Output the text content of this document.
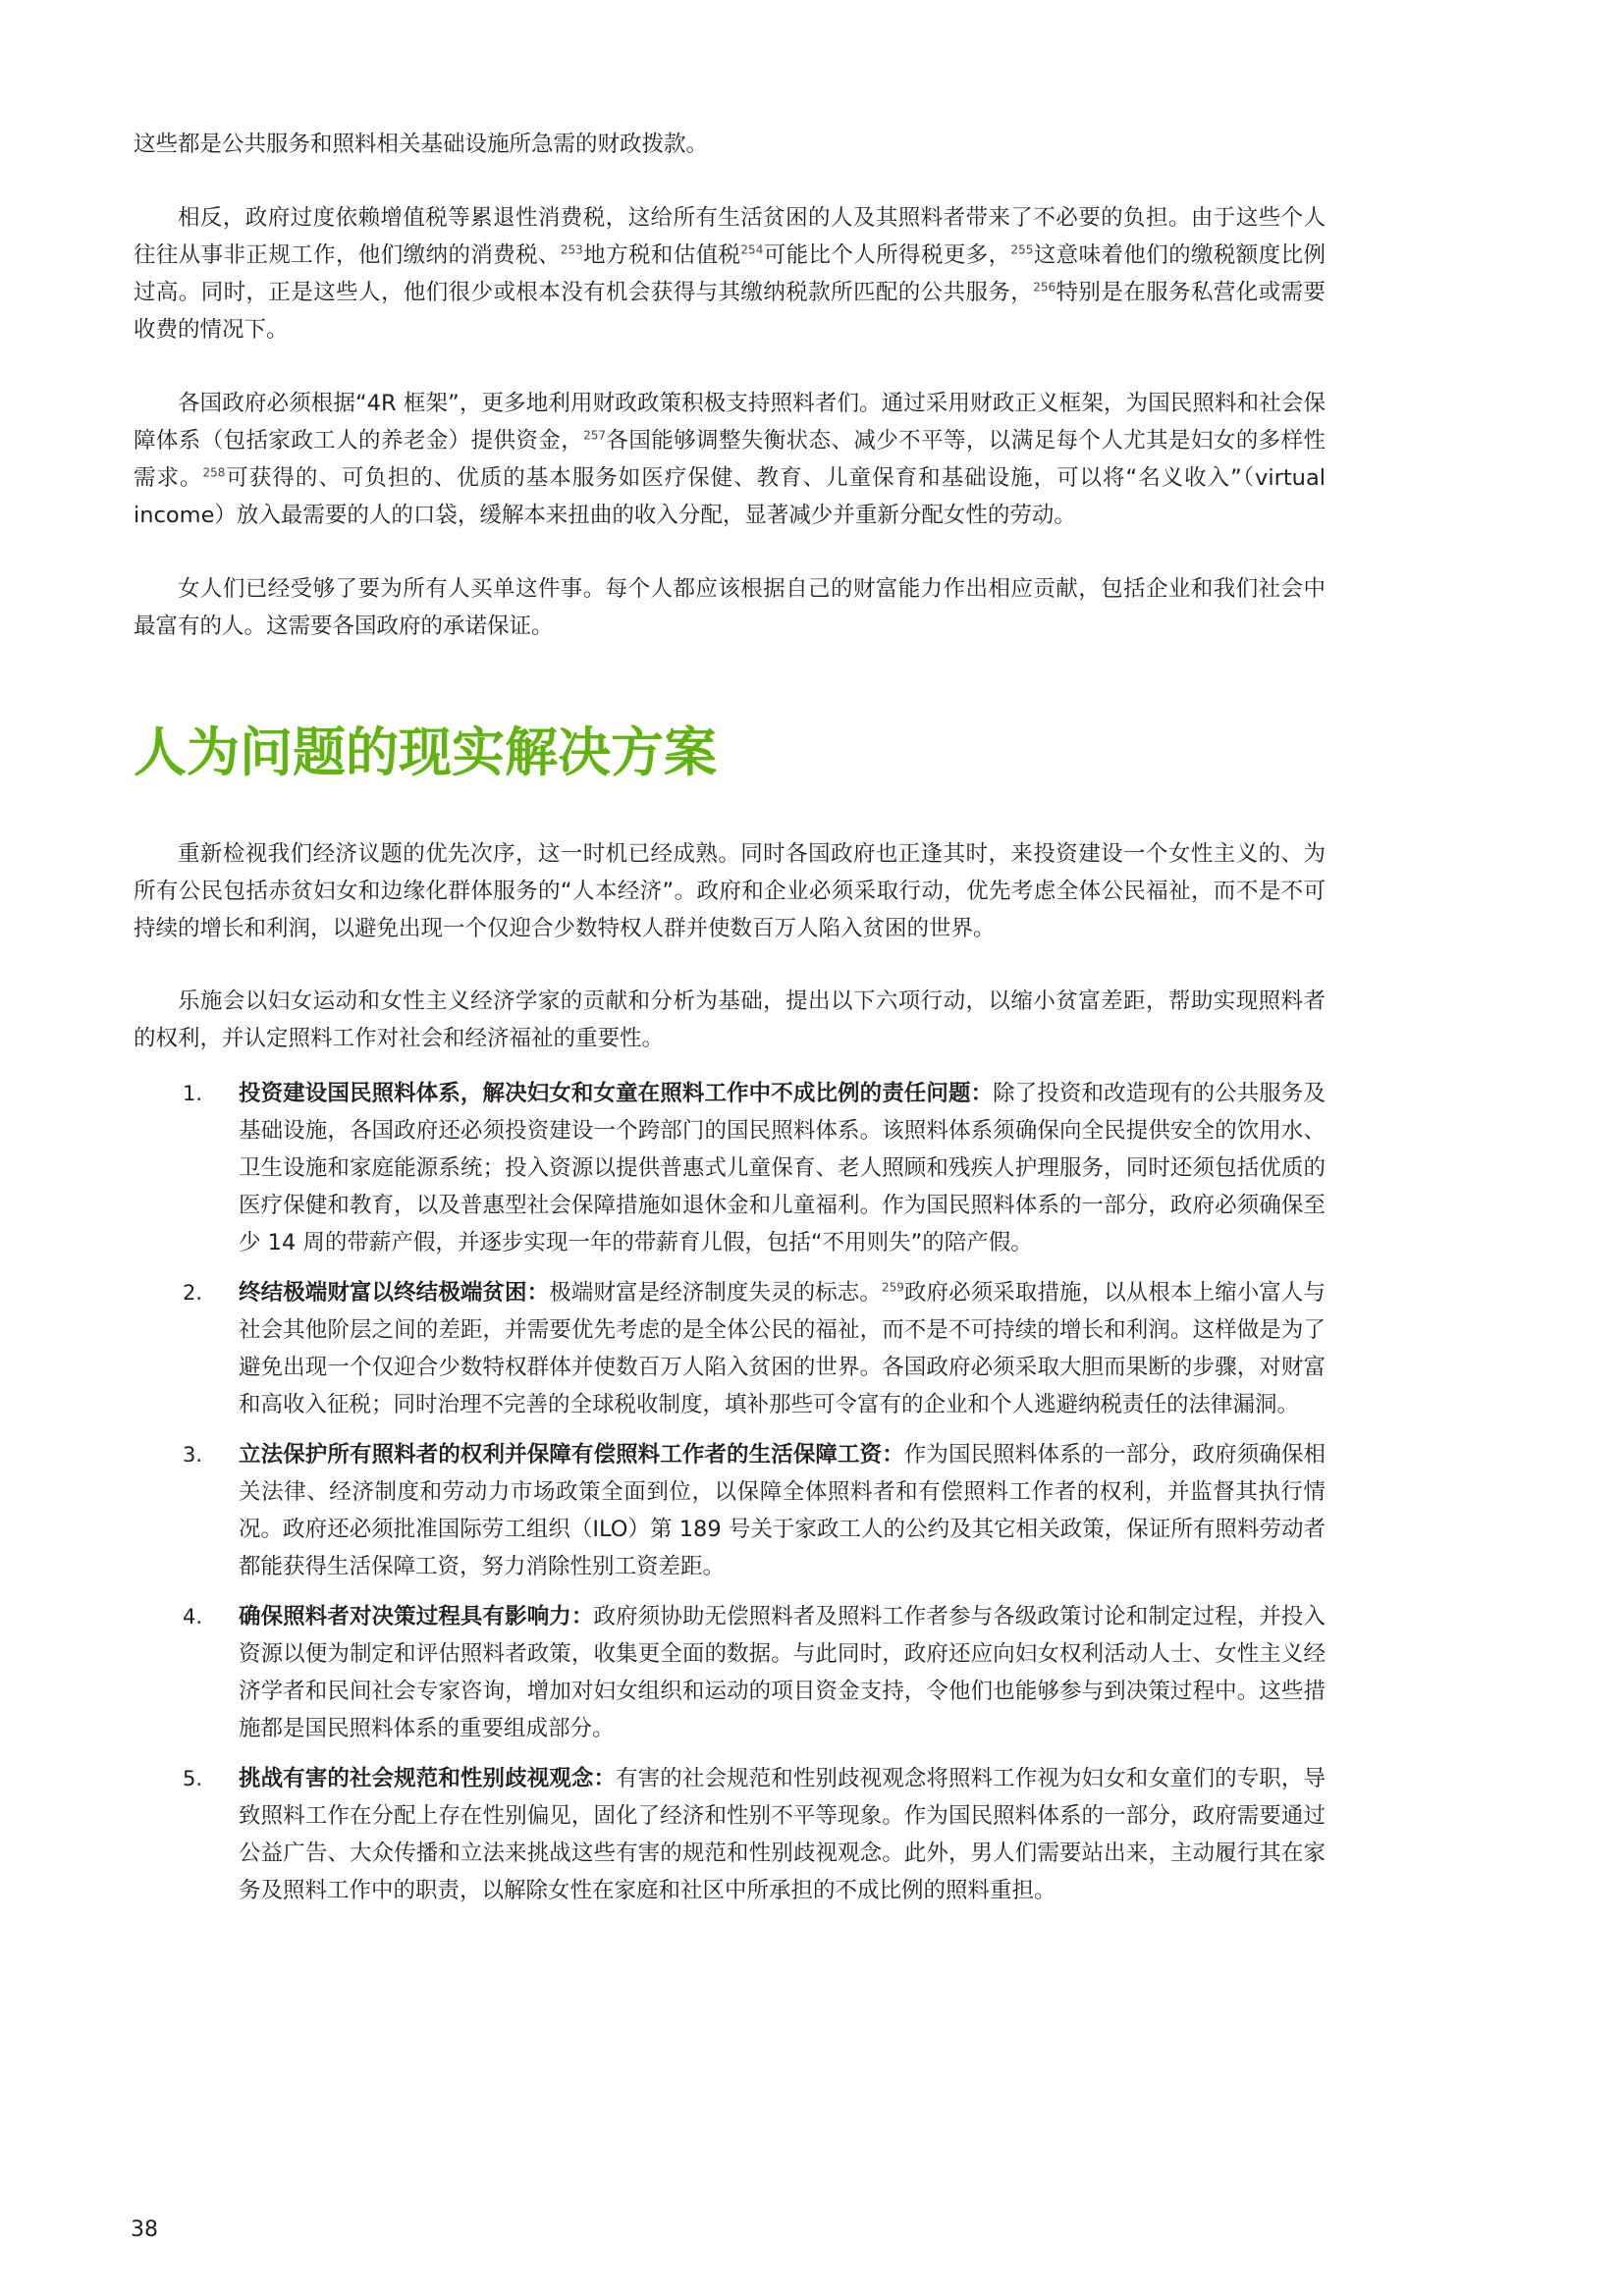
这些都是公共服务和照料相关基础设施所急需的财政拨款。

相反，政府过度依赖增值税等累退性消费税，这给所有生活贫困的人及其照料者带来了不必要的负担。由于这些个人往往从事非正规工作，他们缴纳的消费税、$^{253}$地方税和估值税$^{254}$可能比个人所得税更多，$^{255}$这意味着他们的缴税额度比例过高。同时，正是这些人，他们很少或根本没有机会获得与其缴纳税款所匹配的公共服务，$^{256}$特别是在服务私营化或需要收费的情况下。

各国政府必须根据“4R 框架”，更多地利用财政政策积极支持照料者们。通过采用财政正义框架，为国民照料和社会保障体系（包括家政工人的养老金）提供资金，$^{257}$各国能够调整失衡状态、减少不平等，以满足每个人尤其是妇女的多样性需求。$^{258}$可获得的、可负担的、优质的基本服务如医疗保健、教育、儿童保育和基础设施，可以将“名义收入”（virtual income）放入最需要的人的口袋，缓解本来扭曲的收入分配，显著减少并重新分配女性的劳动。

女人们已经受够了要为所有人买单这件事。每个人都应该根据自己的财富能力作出相应贡献，包括企业和我们社会中最富有的人。这需要各国政府的承诺保证。

人为问题的现实解决方案

重新检视我们经济议题的优先次序，这一时机已经成熟。同时各国政府也正逢其时，来投资建设一个女性主义的、为所有公民包括赤贫妇女和边缘化群体服务的“人本经济”。政府和企业必须采取行动，优先考虑全体公民福祉，而不是不可持续的增长和利润，以避免出现一个仅迎合少数特权人群并使数百万人陷入贫困的世界。

乐施会以妇女运动和女性主义经济学家的贡献和分析为基础，提出以下六项行动，以缩小贫富差距，帮助实现照料者的权利，并认定照料工作对社会和经济福祉的重要性。

1.	投资建设国民照料体系，解决妇女和女童在照料工作中不成比例的责任问题：除了投资和改造现有的公共服务及基础设施，各国政府还必须投资建设一个跨部门的国民照料体系。该照料体系须确保向全民提供安全的饮用水、卫生设施和家庭能源系统；投入资源以提供普惠式儿童保育、老人照顾和残疾人护理服务，同时还须包括优质的医疗保健和教育，以及普惠型社会保障措施如退休金和儿童福利。作为国民照料体系的一部分，政府必须确保至少 14 周的带薪产假，并逐步实现一年的带薪育儿假，包括“不用则失”的陪产假。
2.	终结极端财富以终结极端贫困：极端财富是经济制度失灵的标志。$^{259}$政府必须采取措施，以从根本上缩小富人与社会其他阶层之间的差距，并需要优先考虑的是全体公民的福祉，而不是不可持续的增长和利润。这样做是为了避免出现一个仅迎合少数特权群体并使数百万人陷入贫困的世界。各国政府必须采取大胆而果断的步骤，对财富和高收入征税；同时治理不完善的全球税收制度，填补那些可令富有的企业和个人逃避纳税责任的法律漏洞。
3.	立法保护所有照料者的权利并保障有偿照料工作者的生活保障工资：作为国民照料体系的一部分，政府须确保相关法律、经济制度和劳动力市场政策全面到位，以保障全体照料者和有偿照料工作者的权利，并监督其执行情况。政府还必须批准国际劳工组织（ILO）第 189 号关于家政工人的公约及其它相关政策，保证所有照料劳动者都能获得生活保障工资，努力消除性别工资差距。
4.	确保照料者对决策过程具有影响力：政府须协助无偿照料者及照料工作者参与各级政策讨论和制定过程，并投入资源以便为制定和评估照料者政策，收集更全面的数据。与此同时，政府还应向妇女权利活动人士、女性主义经济学者和民间社会专家咨询，增加对妇女组织和运动的项目资金支持，令他们也能够参与到决策过程中。这些措施都是国民照料体系的重要组成部分。
5.	挑战有害的社会规范和性别歧视观念：有害的社会规范和性别歧视观念将照料工作视为妇女和女童们的专职，导致照料工作在分配上存在性别偏见，固化了经济和性别不平等现象。作为国民照料体系的一部分，政府需要通过公益广告、大众传播和立法来挑战这些有害的规范和性别歧视观念。此外，男人们需要站出来，主动履行其在家务及照料工作中的职责，以解除女性在家庭和社区中所承担的不成比例的照料重担。
38
